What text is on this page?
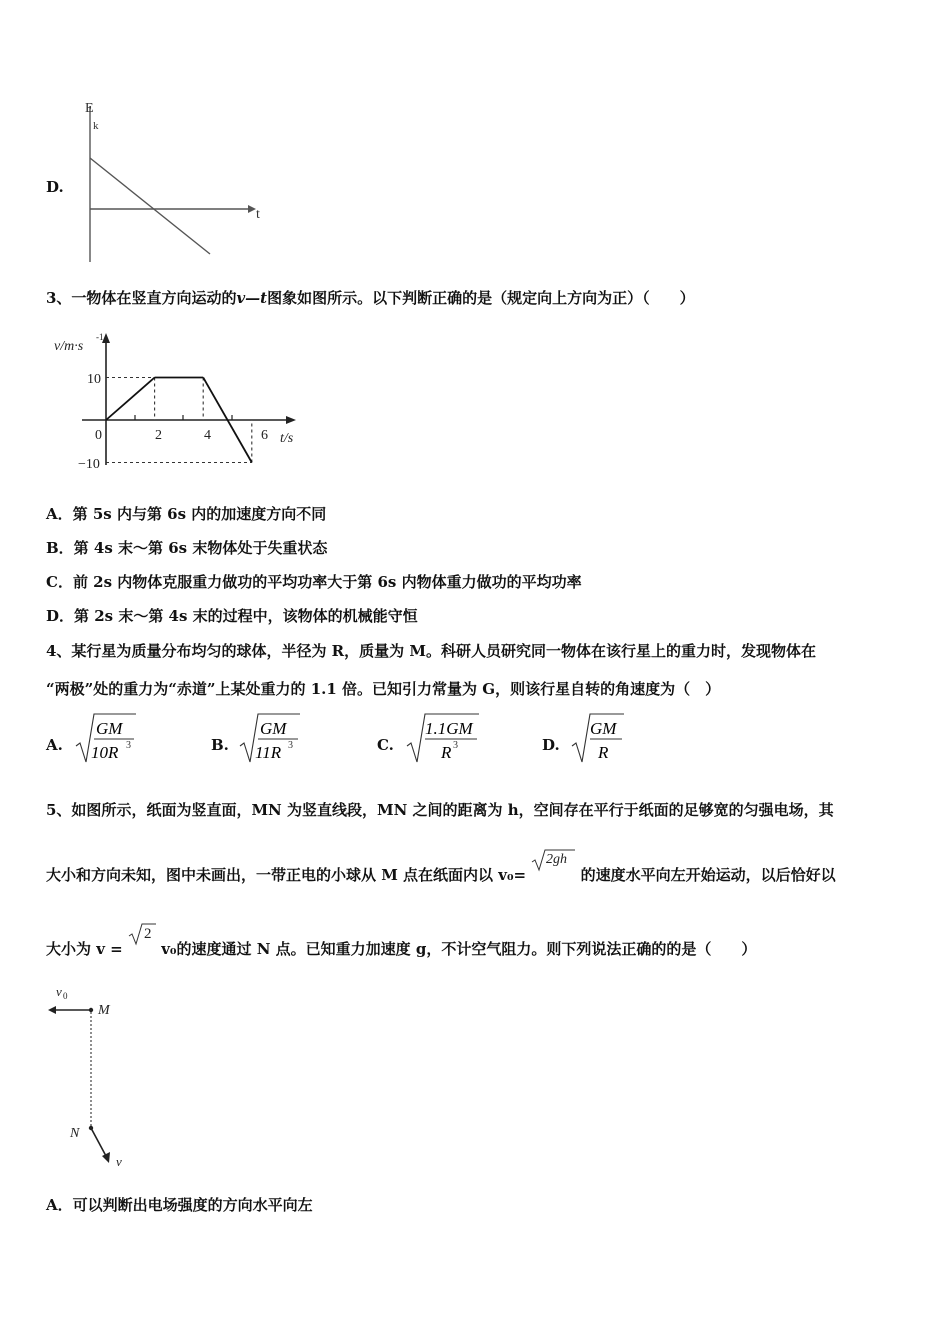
D.
E
k
t
3、一物体在竖直方向运动的v—t图象如图所示。以下判断正确的是（规定向上方向为正）（　　）
v/m·s
-1
t/s
10
−10
0	2	4	6
A．第 5s 内与第 6s 内的加速度方向不同
B．第 4s 末～第 6s 末物体处于失重状态
C．前 2s 内物体克服重力做功的平均功率大于第 6s 内物体重力做功的平均功率
D．第 2s 末～第 4s 末的过程中，该物体的机械能守恒
4、某行星为质量分布均匀的球体，半径为 R，质量为 M。科研人员研究同一物体在该行星上的重力时，发现物体在
“两极”处的重力为“赤道”上某处重力的 1.1 倍。已知引力常量为 G，则该行星自转的角速度为（　）
A.
GM
10R 3	B.
GM
11R 3	C.
1.1GM
R 3	D.
GM
R
5、如图所示，纸面为竖直面，MN 为竖直线段，MN 之间的距离为 h，空间存在平行于纸面的足够宽的匀强电场，其
大小和方向未知，图中未画出，一带正电的小球从 M 点在纸面内以 v₀=
2gh
的速度水平向左开始运动，以后恰好以
大小为 v =
2
v₀的速度通过 N 点。已知重力加速度 g，不计空气阻力。则下列说法正确的的是（　　）
v 0
M
N
v
A．可以判断出电场强度的方向水平向左
